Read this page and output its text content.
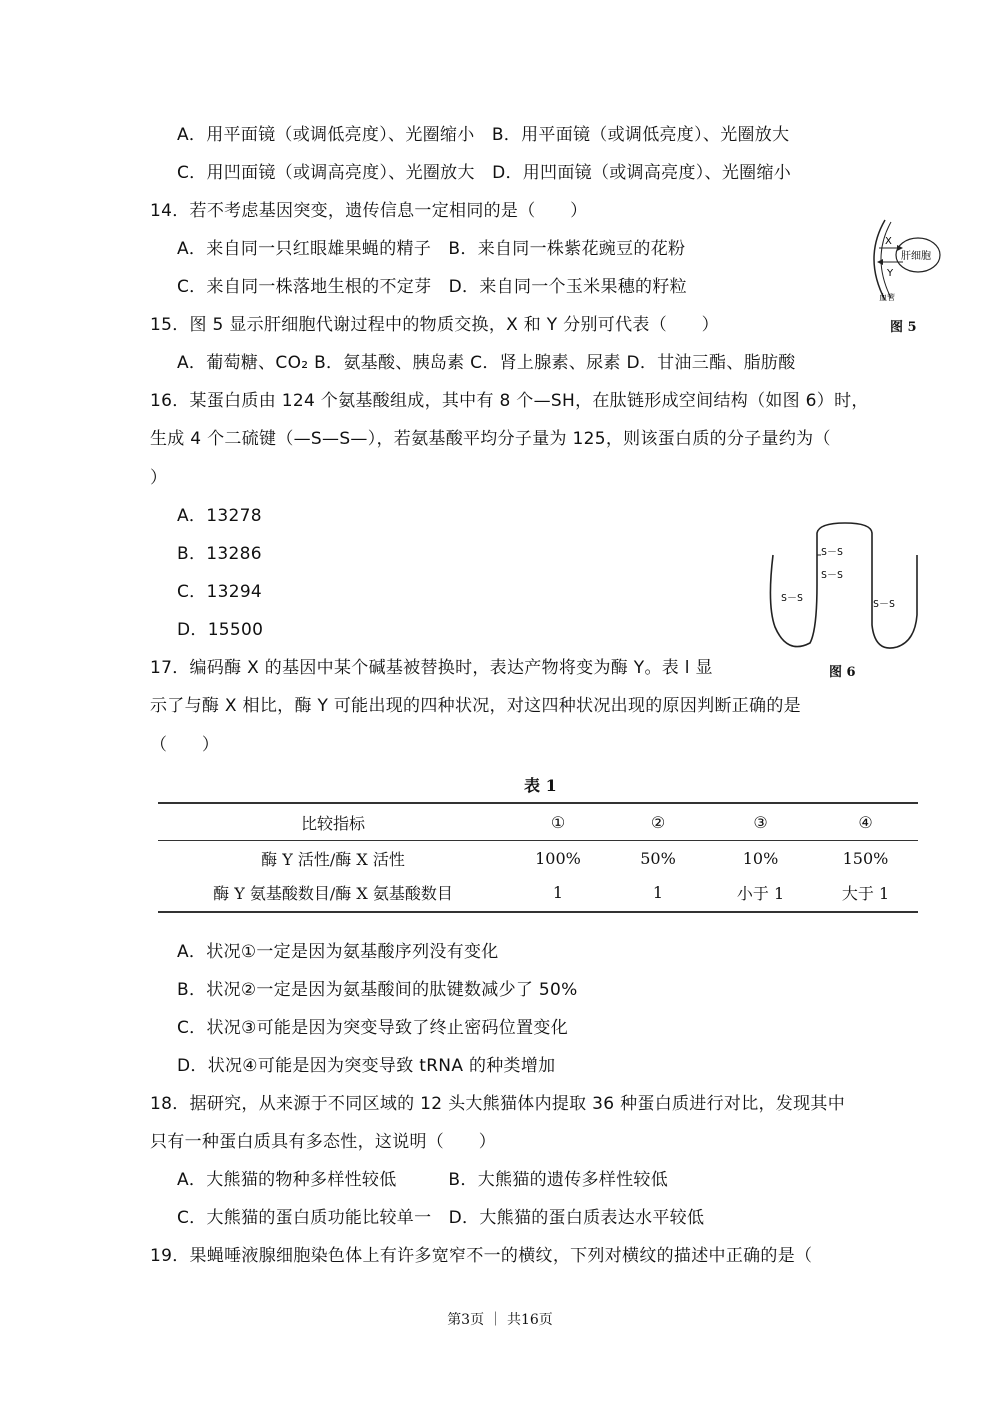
A．用平面镜（或调低亮度）、光圈缩小　B．用平面镜（或调低亮度）、光圈放大
C．用凹面镜（或调高亮度）、光圈放大　D．用凹面镜（或调高亮度）、光圈缩小
14．若不考虑基因突变，遗传信息一定相同的是（　　）
A．来自同一只红眼雄果蝇的精子　B．来自同一株紫花豌豆的花粉
C．来自同一株落地生根的不定芽　D．来自同一个玉米果穗的籽粒
X
Y
肝细胞
血管
图 5
15．图 5 显示肝细胞代谢过程中的物质交换，X 和 Y 分别可代表（　　）
A．葡萄糖、CO₂ B．氨基酸、胰岛素 C．肾上腺素、尿素 D．甘油三酯、脂肪酸
16．某蛋白质由 124 个氨基酸组成，其中有 8 个—SH，在肽链形成空间结构（如图 6）时，
生成 4 个二硫键（—S—S—），若氨基酸平均分子量为 125，则该蛋白质的分子量约为（
）
A．13278
B．13286
C．13294
D．15500
S－S
S－S
S－S
S－S
图 6
17．编码酶 X 的基因中某个碱基被替换时，表达产物将变为酶 Y。表 l 显
示了与酶 X 相比，酶 Y 可能出现的四种状况，对这四种状况出现的原因判断正确的是
（　　）
表 1
比较指标	①	②	③	④
酶 Y 活性/酶 X 活性	100%	50%	10%	150%
酶 Y 氨基酸数目/酶 X 氨基酸数目	1	1	小于 1	大于 1
A．状况①一定是因为氨基酸序列没有变化
B．状况②一定是因为氨基酸间的肽键数减少了 50%
C．状况③可能是因为突变导致了终止密码位置变化
D．状况④可能是因为突变导致 tRNA 的种类增加
18．据研究，从来源于不同区域的 12 头大熊猫体内提取 36 种蛋白质进行对比，发现其中
只有一种蛋白质具有多态性，这说明（　　）
A．大熊猫的物种多样性较低　　　B．大熊猫的遗传多样性较低
C．大熊猫的蛋白质功能比较单一　D．大熊猫的蛋白质表达水平较低
19．果蝇唾液腺细胞染色体上有许多宽窄不一的横纹，下列对横纹的描述中正确的是（
第3页 ｜ 共16页
